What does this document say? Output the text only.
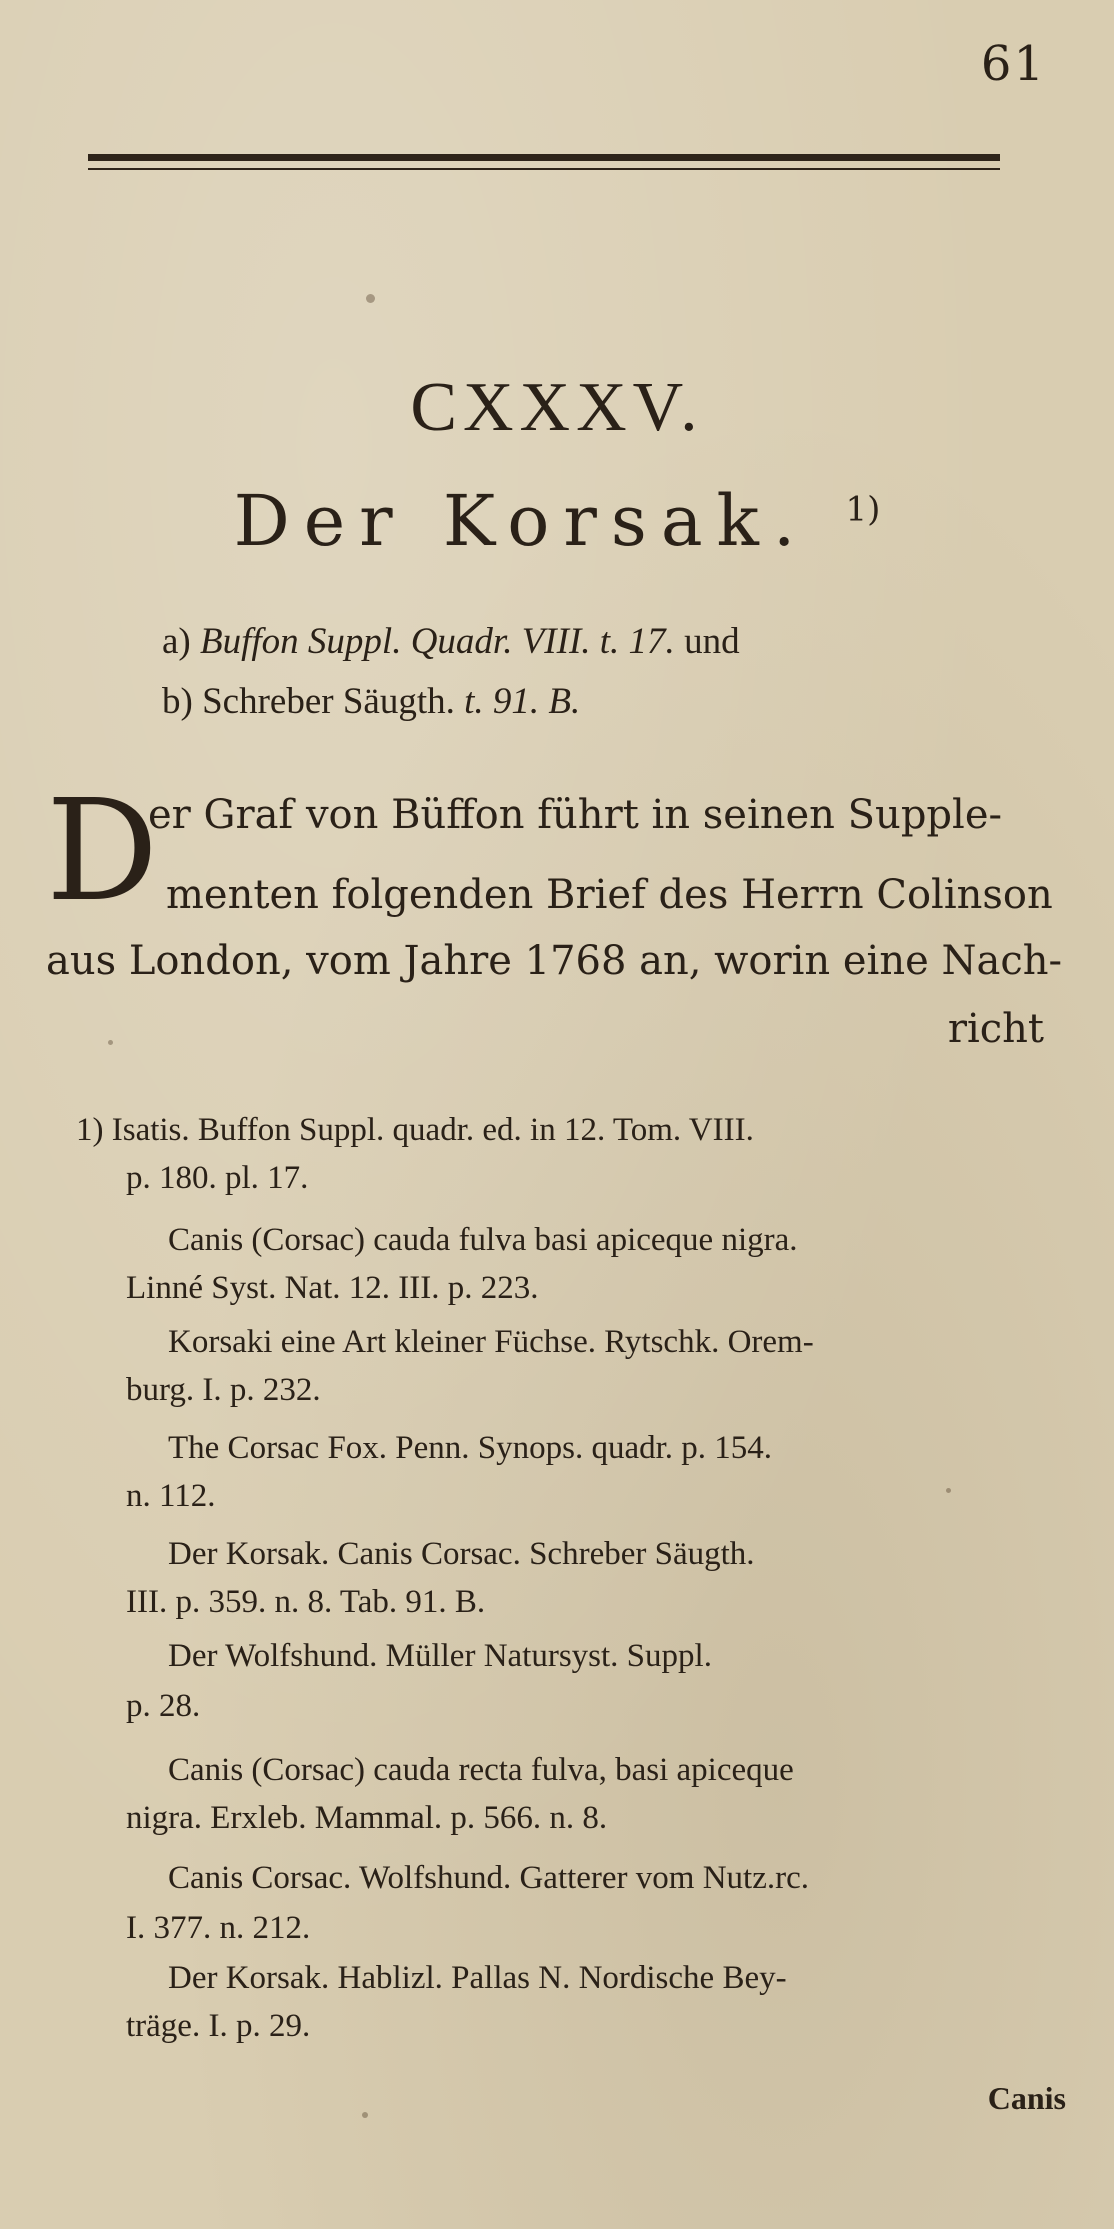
61
CXXXV.
Der Korsak. $^{1)}$
a) Buffon Suppl. Quadr. VIII. t. 17. und
b) Schreber Säugth. t. 91. B.
D
er Graf von Büffon führt in seinen Supple-
menten folgenden Brief des Herrn Colinson
aus London, vom Jahre 1768 an, worin eine Nach-
richt
1) Isatis. Buffon Suppl. quadr. ed. in 12. Tom. VIII.
p. 180. pl. 17.
Canis (Corsac) cauda fulva basi apiceque nigra.
Linné Syst. Nat. 12. III. p. 223.
Korsaki eine Art kleiner Füchse. Rytschk. Orem-
burg. I. p. 232.
The Corsac Fox. Penn. Synops. quadr. p. 154.
n. 112.
Der Korsak. Canis Corsac. Schreber Säugth.
III. p. 359. n. 8. Tab. 91. B.
Der Wolfshund. Müller Natursyst. Suppl.
p. 28.
Canis (Corsac) cauda recta fulva, basi apiceque
nigra. Erxleb. Mammal. p. 566. n. 8.
Canis Corsac. Wolfshund. Gatterer vom Nutz.rc.
I. 377. n. 212.
Der Korsak. Hablizl. Pallas N. Nordische Bey-
träge. I. p. 29.
Canis
